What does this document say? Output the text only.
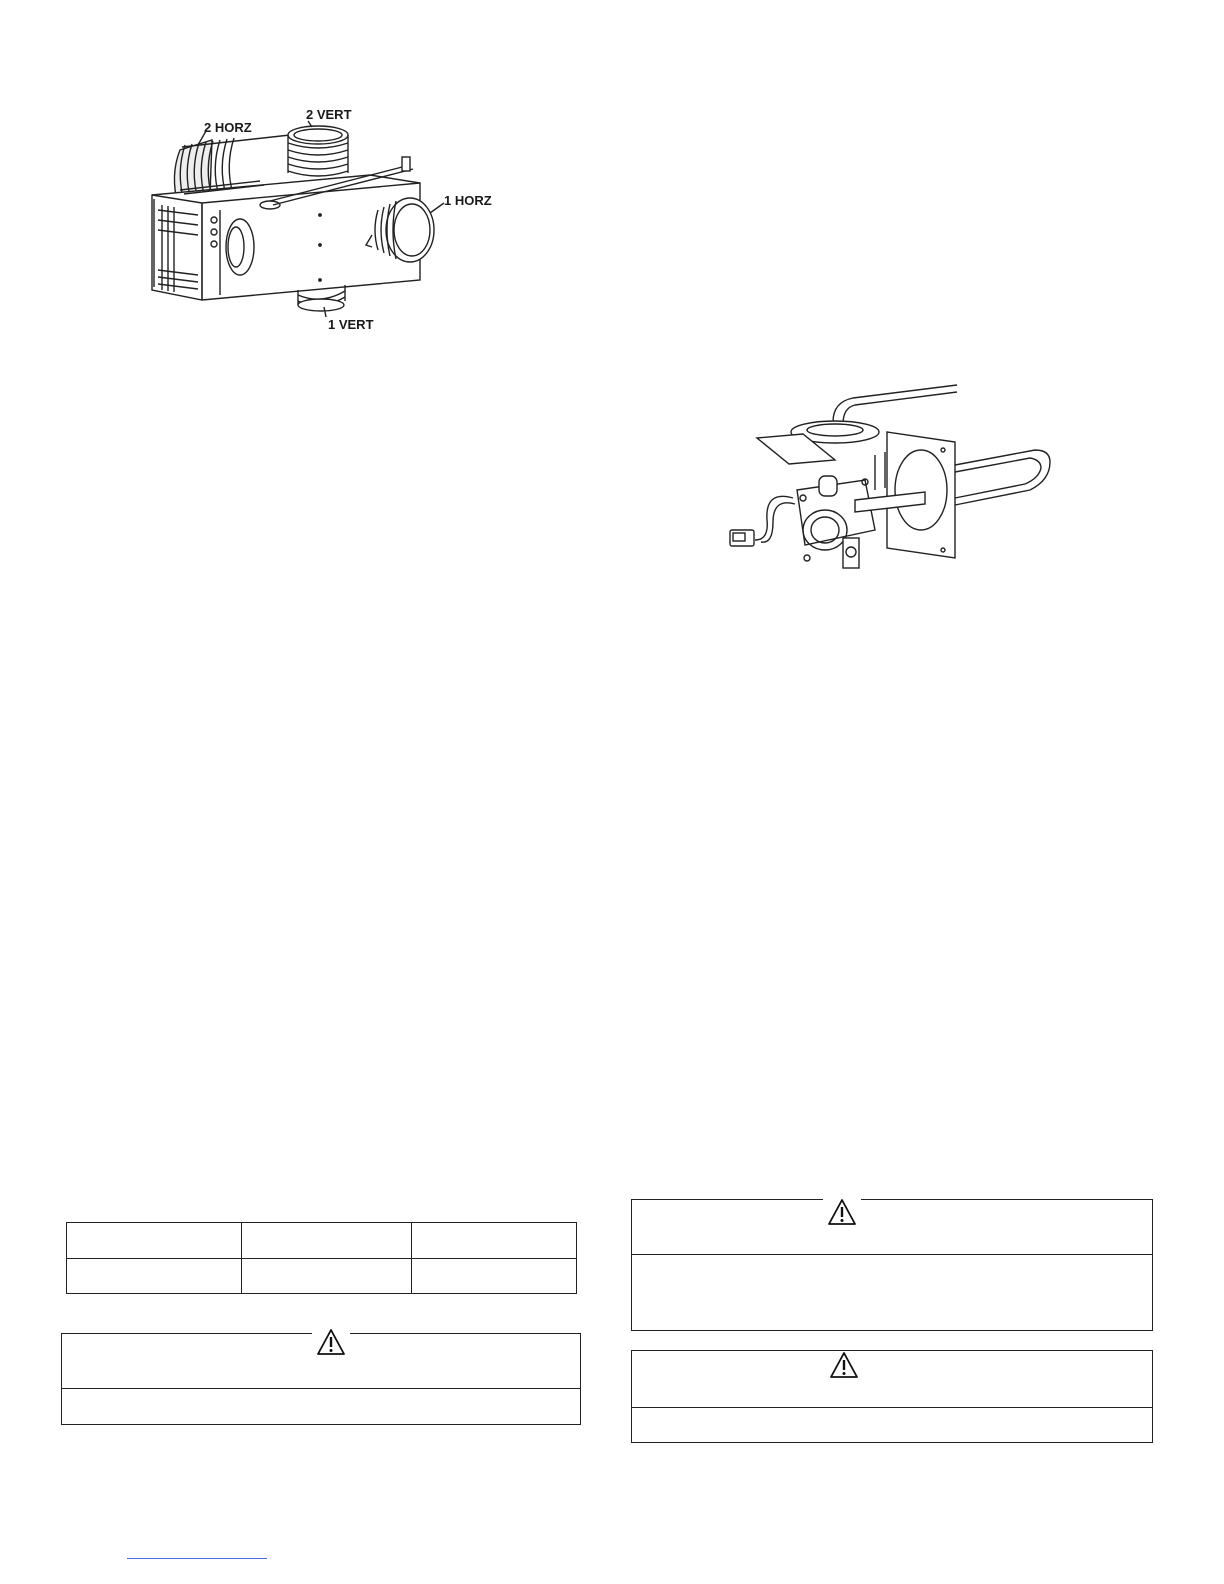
2 HORZ
2 VERT
1 HORZ
1 VERT
